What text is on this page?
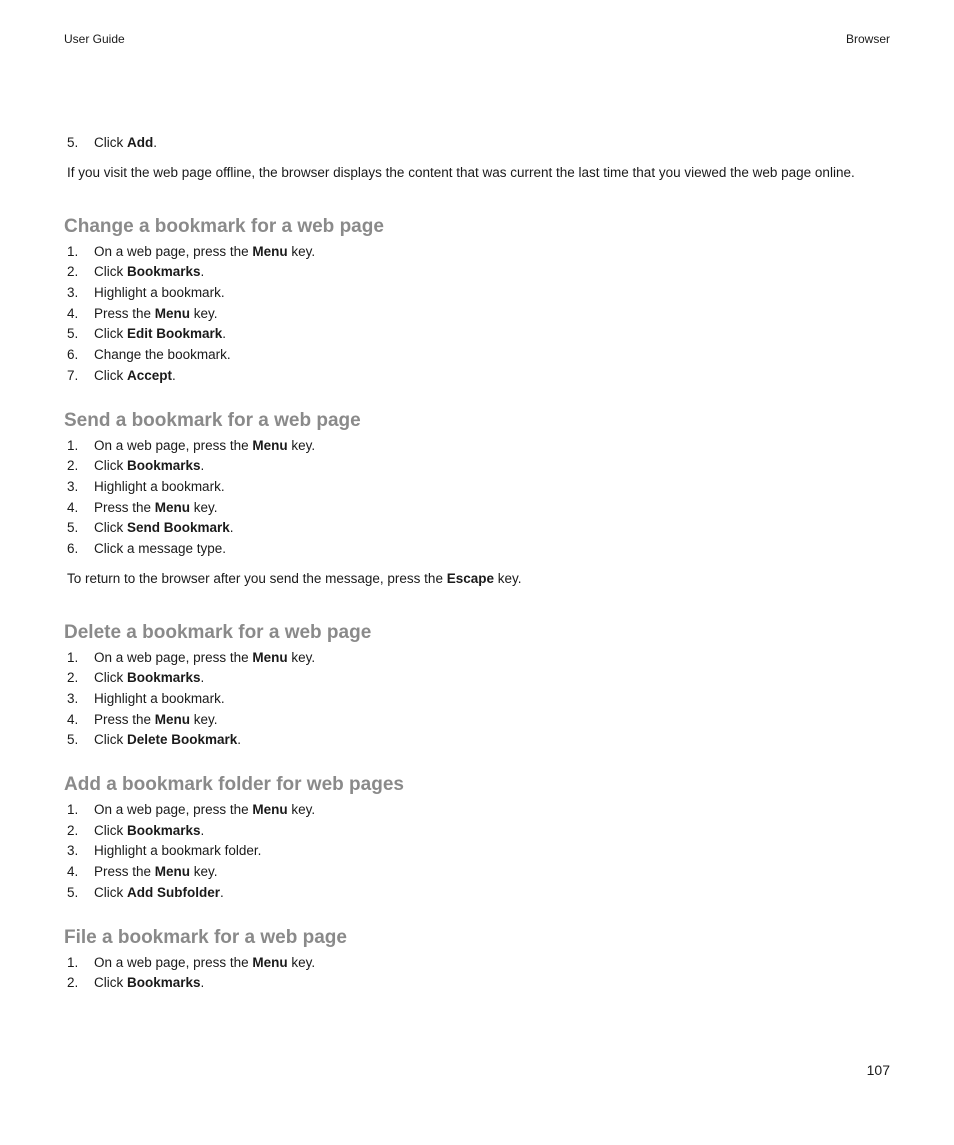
User Guide	Browser
5.	Click Add.

If you visit the web page offline, the browser displays the content that was current the last time that you viewed the web page online.

Change a bookmark for a web page
1.	On a web page, press the Menu key.
2.	Click Bookmarks.
3.	Highlight a bookmark.
4.	Press the Menu key.
5.	Click Edit Bookmark.
6.	Change the bookmark.
7.	Click Accept.
Send a bookmark for a web page
1.	On a web page, press the Menu key.
2.	Click Bookmarks.
3.	Highlight a bookmark.
4.	Press the Menu key.
5.	Click Send Bookmark.
6.	Click a message type.

To return to the browser after you send the message, press the Escape key.

Delete a bookmark for a web page
1.	On a web page, press the Menu key.
2.	Click Bookmarks.
3.	Highlight a bookmark.
4.	Press the Menu key.
5.	Click Delete Bookmark.
Add a bookmark folder for web pages
1.	On a web page, press the Menu key.
2.	Click Bookmarks.
3.	Highlight a bookmark folder.
4.	Press the Menu key.
5.	Click Add Subfolder.
File a bookmark for a web page
1.	On a web page, press the Menu key.
2.	Click Bookmarks.
107
